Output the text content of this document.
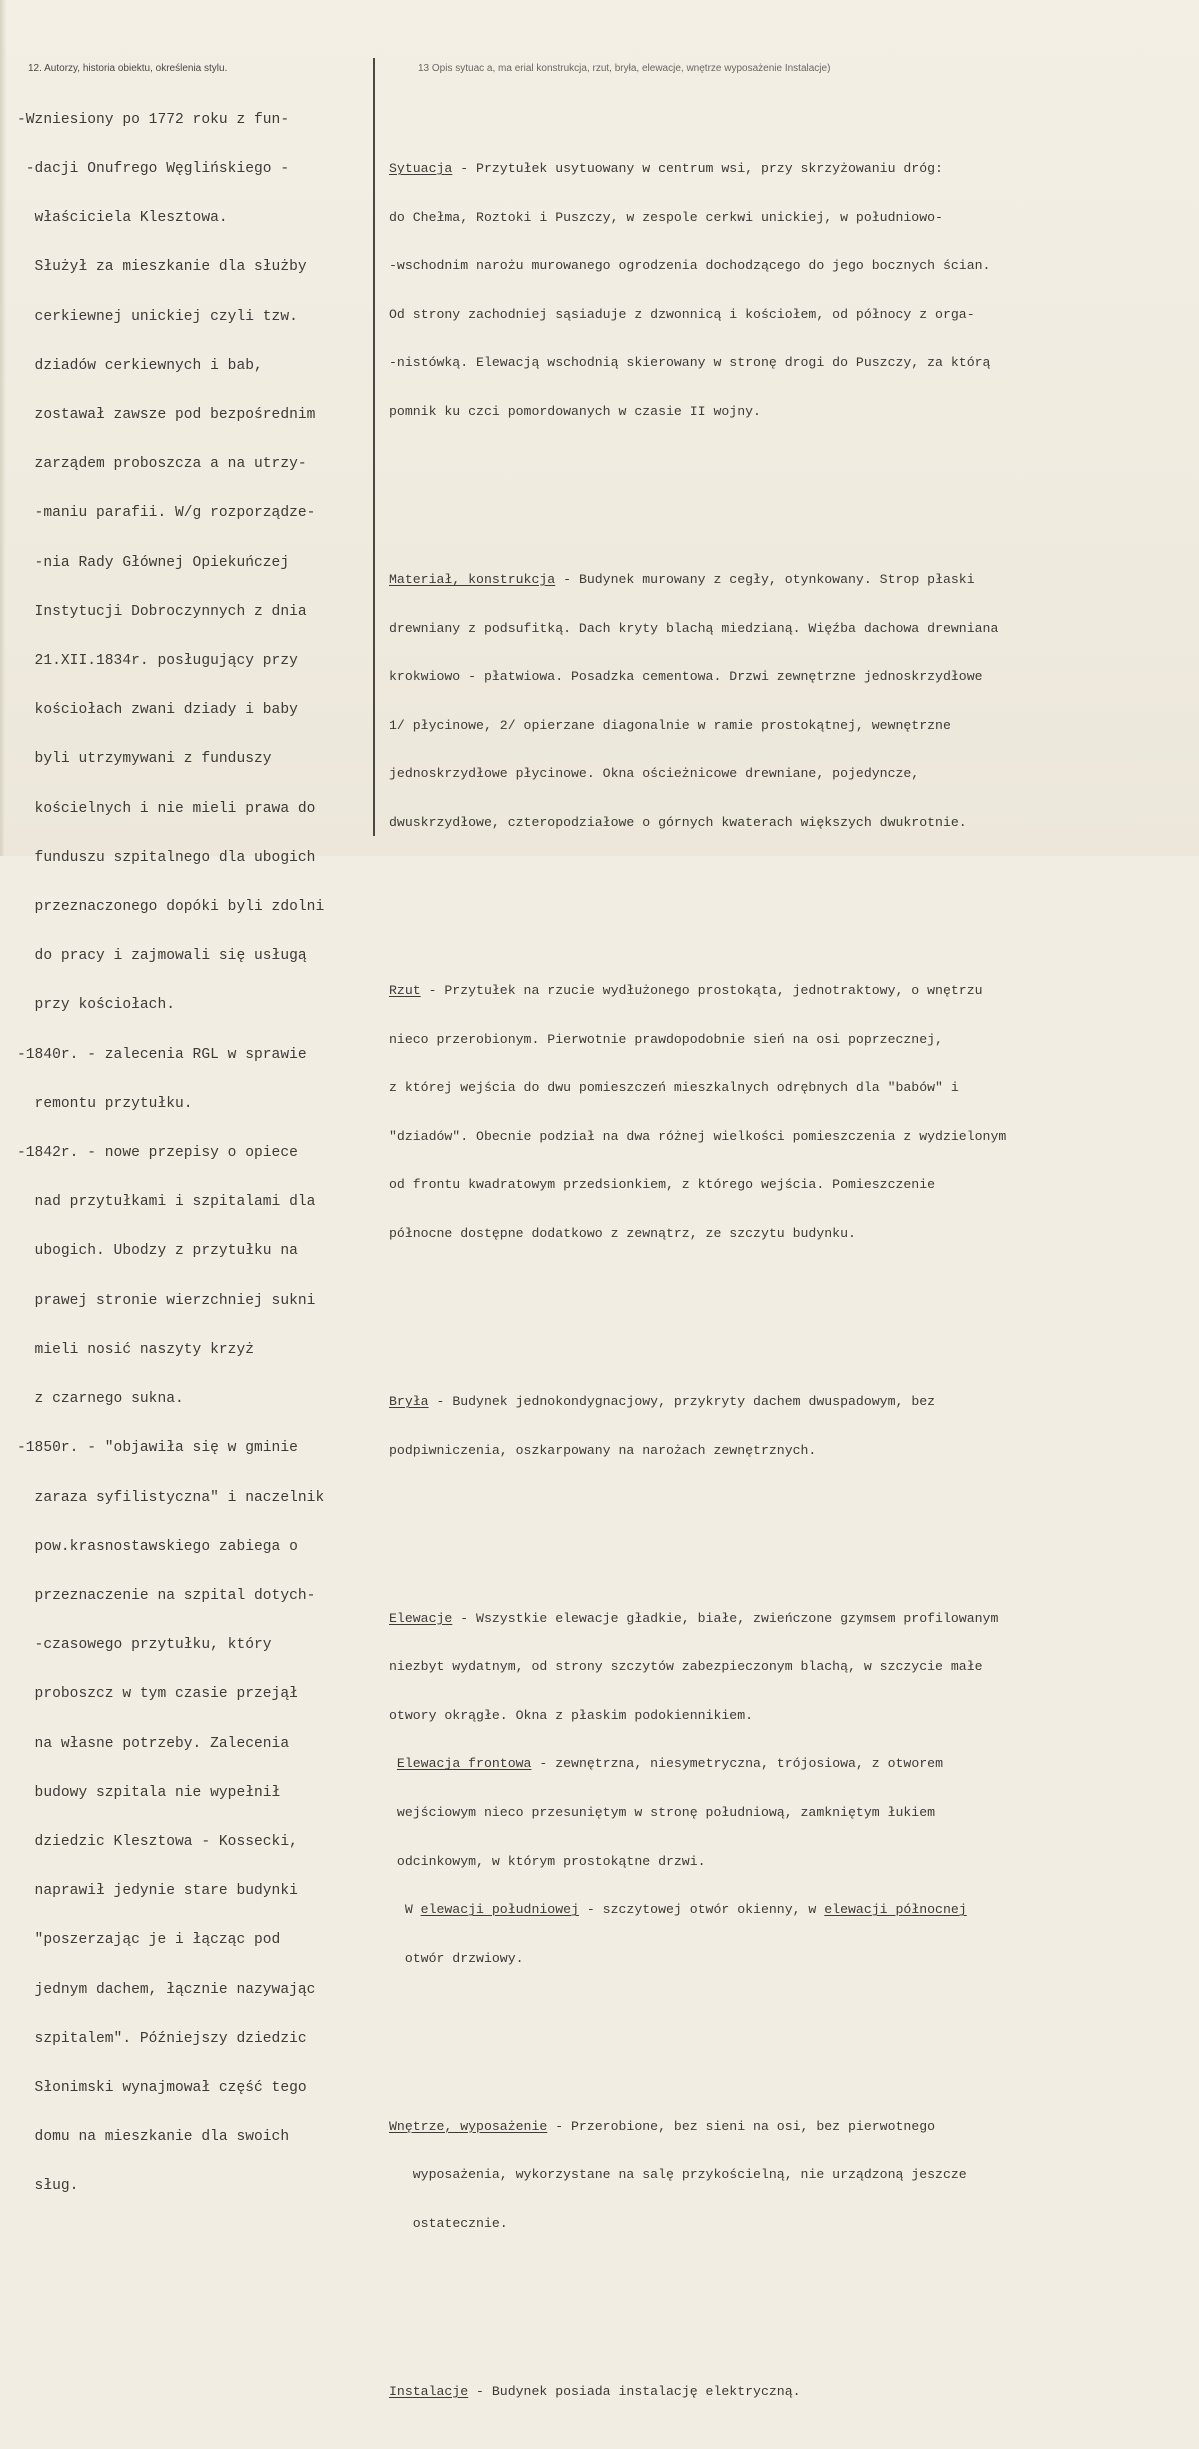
12. Autorzy, historia obiektu, określenia stylu.	13 Opis sytuac a, ma erial konstrukcja, rzut, bryła, elewacje, wnętrze wyposażenie Instalacje)

-Wzniesiony po 1772 roku z fun-

-dacji Onufrego Węglińskiego -

właściciela Klesztowa.

Służył za mieszkanie dla służby

cerkiewnej unickiej czyli tzw.

dziadów cerkiewnych i bab,

zostawał zawsze pod bezpośrednim

zarządem proboszcza a na utrzy-

-maniu parafii. W/g rozporządze-

-nia Rady Głównej Opiekuńczej

Instytucji Dobroczynnych z dnia

21.XII.1834r. posługujący przy

kościołach zwani dziady i baby

byli utrzymywani z funduszy

kościelnych i nie mieli prawa do

funduszu szpitalnego dla ubogich

przeznaczonego dopóki byli zdolni

do pracy i zajmowali się usługą

przy kościołach.

-1840r. - zalecenia RGL w sprawie

remontu przytułku.

-1842r. - nowe przepisy o opiece

nad przytułkami i szpitalami dla

ubogich. Ubodzy z przytułku na

prawej stronie wierzchniej sukni

mieli nosić naszyty krzyż

z czarnego sukna.

-1850r. - "objawiła się w gminie

zaraza syfilistyczna" i naczelnik

pow.krasnostawskiego zabiega o

przeznaczenie na szpital dotych-

-czasowego przytułku, który

proboszcz w tym czasie przejął

na własne potrzeby. Zalecenia

budowy szpitala nie wypełnił

dziedzic Klesztowa - Kossecki,

naprawił jedynie stare budynki

"poszerzając je i łącząc pod

jednym dachem, łącznie nazywając

szpitalem". Późniejszy dziedzic

Słonimski wynajmował część tego

domu na mieszkanie dla swoich

sług.

Sytuacja - Przytułek usytuowany w centrum wsi, przy skrzyżowaniu dróg:

do Chełma, Roztoki i Puszczy, w zespole cerkwi unickiej, w południowo-

-wschodnim narożu murowanego ogrodzenia dochodzącego do jego bocznych ścian.

Od strony zachodniej sąsiaduje z dzwonnicą i kościołem, od północy z orga-

-nistówką. Elewacją wschodnią skierowany w stronę drogi do Puszczy, za którą

pomnik ku czci pomordowanych w czasie II wojny.

Materiał, konstrukcja - Budynek murowany z cegły, otynkowany. Strop płaski

drewniany z podsufitką. Dach kryty blachą miedzianą. Więźba dachowa drewniana

krokwiowo - płatwiowa. Posadzka cementowa. Drzwi zewnętrzne jednoskrzydłowe

1/ płycinowe, 2/ opierzane diagonalnie w ramie prostokątnej, wewnętrzne

jednoskrzydłowe płycinowe. Okna ościeżnicowe drewniane, pojedyncze,

dwuskrzydłowe, czteropodziałowe o górnych kwaterach większych dwukrotnie.

Rzut - Przytułek na rzucie wydłużonego prostokąta, jednotraktowy, o wnętrzu

nieco przerobionym. Pierwotnie prawdopodobnie sień na osi poprzecznej,

z której wejścia do dwu pomieszczeń mieszkalnych odrębnych dla "babów" i

"dziadów". Obecnie podział na dwa różnej wielkości pomieszczenia z wydzielonym

od frontu kwadratowym przedsionkiem, z którego wejścia. Pomieszczenie

północne dostępne dodatkowo z zewnątrz, ze szczytu budynku.

Bryła - Budynek jednokondygnacjowy, przykryty dachem dwuspadowym, bez

podpiwniczenia, oszkarpowany na narożach zewnętrznych.

Elewacje - Wszystkie elewacje gładkie, białe, zwieńczone gzymsem profilowanym

niezbyt wydatnym, od strony szczytów zabezpieczonym blachą, w szczycie małe

otwory okrągłe. Okna z płaskim podokiennikiem.

Elewacja frontowa - zewnętrzna, niesymetryczna, trójosiowa, z otworem

wejściowym nieco przesuniętym w stronę południową, zamkniętym łukiem

odcinkowym, w którym prostokątne drzwi.

W elewacji południowej - szczytowej otwór okienny, w elewacji północnej

otwór drzwiowy.

Wnętrze, wyposażenie - Przerobione, bez sieni na osi, bez pierwotnego

wyposażenia, wykorzystane na salę przykościelną, nie urządzoną jeszcze

ostatecznie.

Instalacje - Budynek posiada instalację elektryczną.
